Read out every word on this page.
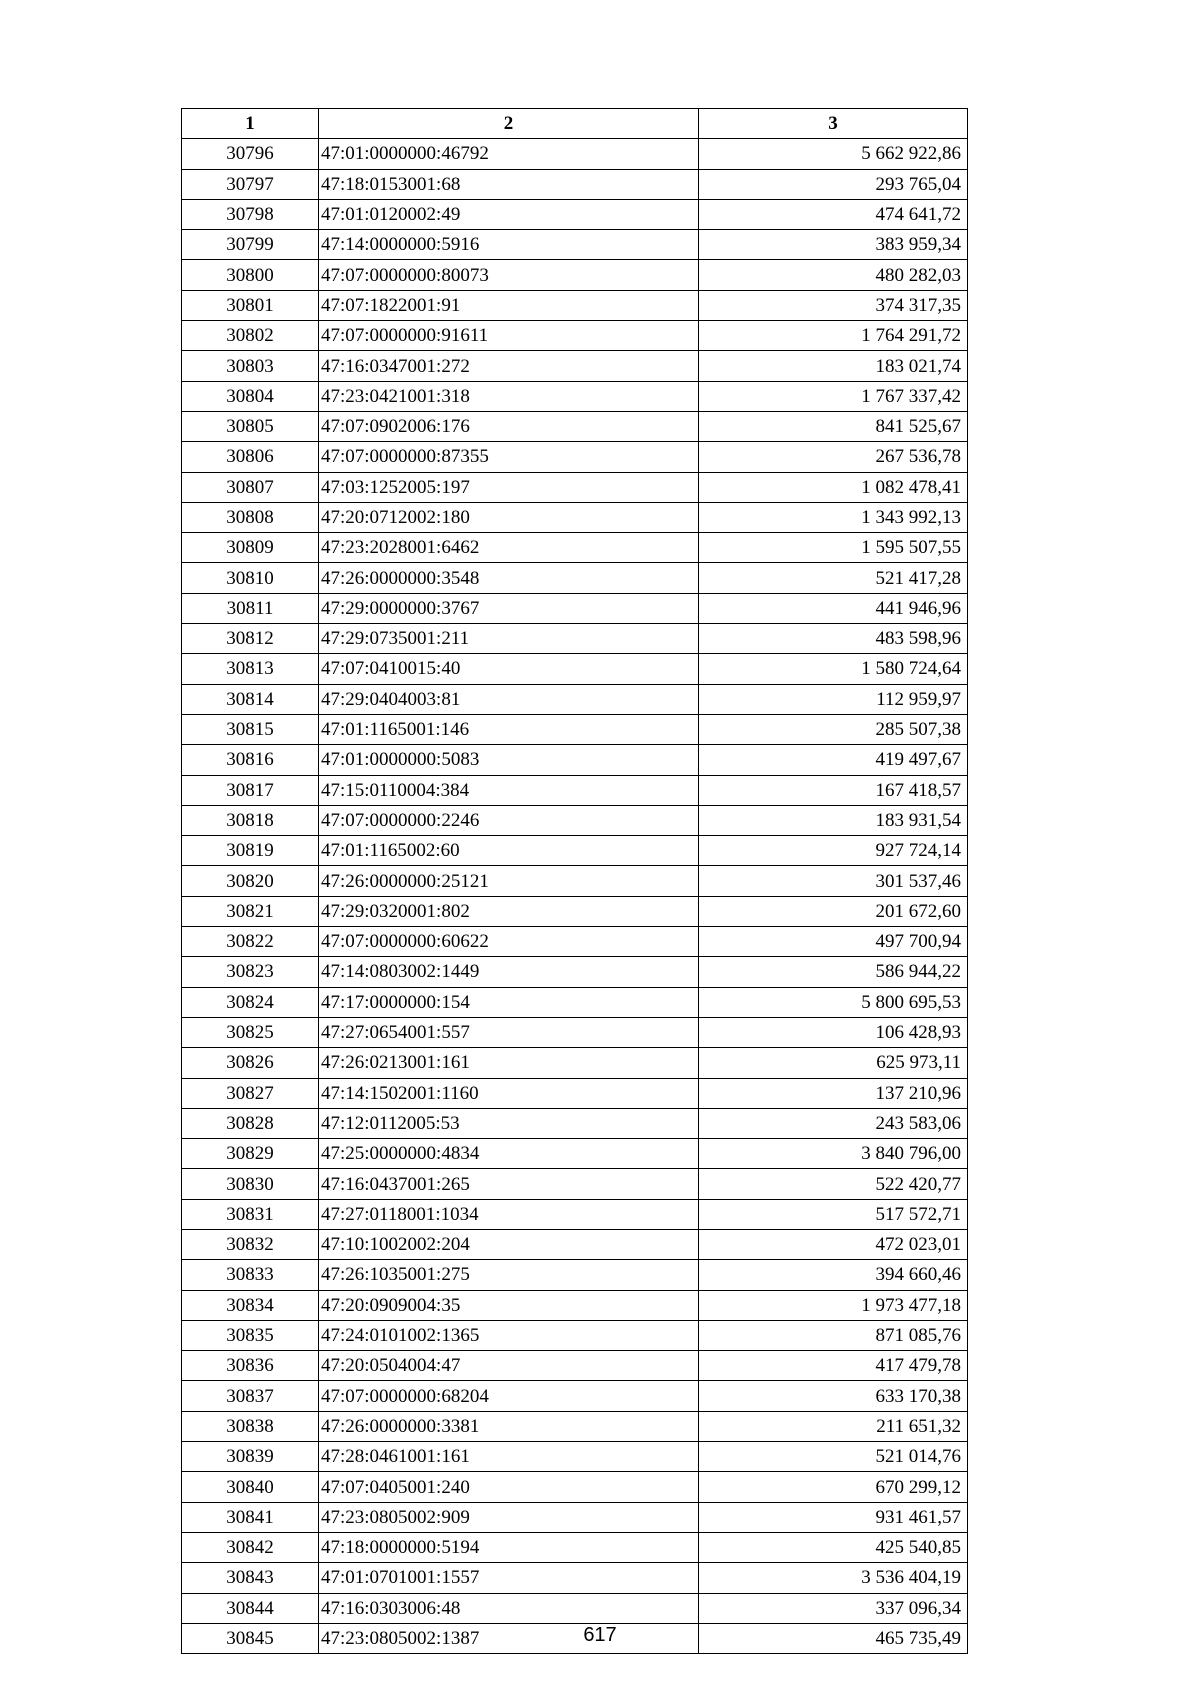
1	2	3
30796	47:01:0000000:46792	5 662 922,86
30797	47:18:0153001:68	293 765,04
30798	47:01:0120002:49	474 641,72
30799	47:14:0000000:5916	383 959,34
30800	47:07:0000000:80073	480 282,03
30801	47:07:1822001:91	374 317,35
30802	47:07:0000000:91611	1 764 291,72
30803	47:16:0347001:272	183 021,74
30804	47:23:0421001:318	1 767 337,42
30805	47:07:0902006:176	841 525,67
30806	47:07:0000000:87355	267 536,78
30807	47:03:1252005:197	1 082 478,41
30808	47:20:0712002:180	1 343 992,13
30809	47:23:2028001:6462	1 595 507,55
30810	47:26:0000000:3548	521 417,28
30811	47:29:0000000:3767	441 946,96
30812	47:29:0735001:211	483 598,96
30813	47:07:0410015:40	1 580 724,64
30814	47:29:0404003:81	112 959,97
30815	47:01:1165001:146	285 507,38
30816	47:01:0000000:5083	419 497,67
30817	47:15:0110004:384	167 418,57
30818	47:07:0000000:2246	183 931,54
30819	47:01:1165002:60	927 724,14
30820	47:26:0000000:25121	301 537,46
30821	47:29:0320001:802	201 672,60
30822	47:07:0000000:60622	497 700,94
30823	47:14:0803002:1449	586 944,22
30824	47:17:0000000:154	5 800 695,53
30825	47:27:0654001:557	106 428,93
30826	47:26:0213001:161	625 973,11
30827	47:14:1502001:1160	137 210,96
30828	47:12:0112005:53	243 583,06
30829	47:25:0000000:4834	3 840 796,00
30830	47:16:0437001:265	522 420,77
30831	47:27:0118001:1034	517 572,71
30832	47:10:1002002:204	472 023,01
30833	47:26:1035001:275	394 660,46
30834	47:20:0909004:35	1 973 477,18
30835	47:24:0101002:1365	871 085,76
30836	47:20:0504004:47	417 479,78
30837	47:07:0000000:68204	633 170,38
30838	47:26:0000000:3381	211 651,32
30839	47:28:0461001:161	521 014,76
30840	47:07:0405001:240	670 299,12
30841	47:23:0805002:909	931 461,57
30842	47:18:0000000:5194	425 540,85
30843	47:01:0701001:1557	3 536 404,19
30844	47:16:0303006:48	337 096,34
30845	47:23:0805002:1387	465 735,49
617
